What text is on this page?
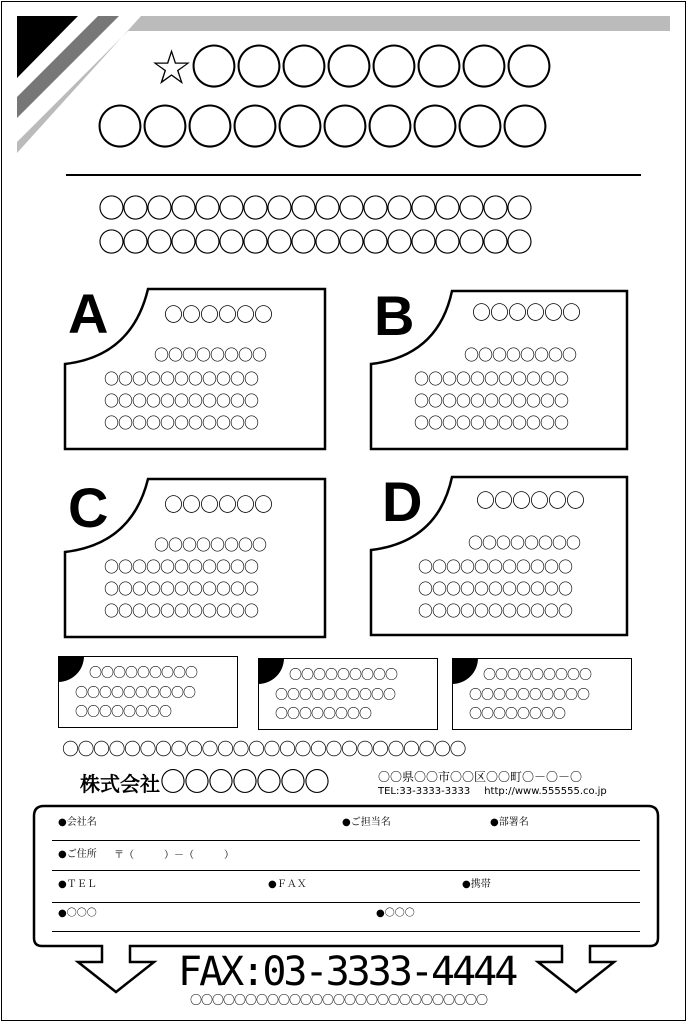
☆〇〇〇〇〇〇〇〇
〇〇〇〇〇〇〇〇〇〇
〇〇〇〇〇〇〇〇〇〇〇〇〇〇〇〇〇〇
〇〇〇〇〇〇〇〇〇〇〇〇〇〇〇〇〇〇
A	〇〇〇〇〇〇
〇〇〇〇〇〇〇〇
〇〇〇〇〇〇〇〇〇〇〇
〇〇〇〇〇〇〇〇〇〇〇
〇〇〇〇〇〇〇〇〇〇〇
B	〇〇〇〇〇〇
〇〇〇〇〇〇〇〇
〇〇〇〇〇〇〇〇〇〇〇
〇〇〇〇〇〇〇〇〇〇〇
〇〇〇〇〇〇〇〇〇〇〇
C	〇〇〇〇〇〇
〇〇〇〇〇〇〇〇
〇〇〇〇〇〇〇〇〇〇〇
〇〇〇〇〇〇〇〇〇〇〇
〇〇〇〇〇〇〇〇〇〇〇
D	〇〇〇〇〇〇
〇〇〇〇〇〇〇〇
〇〇〇〇〇〇〇〇〇〇〇
〇〇〇〇〇〇〇〇〇〇〇
〇〇〇〇〇〇〇〇〇〇〇
〇〇〇〇〇〇〇〇〇
〇〇〇〇〇〇〇〇〇〇
〇〇〇〇〇〇〇〇
〇〇〇〇〇〇〇〇〇
〇〇〇〇〇〇〇〇〇〇
〇〇〇〇〇〇〇〇
〇〇〇〇〇〇〇〇〇
〇〇〇〇〇〇〇〇〇〇
〇〇〇〇〇〇〇〇
〇〇〇〇〇〇〇〇〇〇〇〇〇〇〇〇〇〇〇〇〇〇〇〇〇〇
株式会社〇〇〇〇〇〇〇	〇〇県〇〇市〇〇区〇〇町〇－〇－〇
TEL:33-3333-3333 http://www.555555.co.jp
●会社名	●ご担当名	●部署名
●ご住所 〒（　　　）－（　　　）
●ＴＥＬ	●ＦＡＸ	●携帯
●〇〇〇	●〇〇〇
FAX:03-3333-4444
〇〇〇〇〇〇〇〇〇〇〇〇〇〇〇〇〇〇〇〇〇〇〇〇〇〇〇
